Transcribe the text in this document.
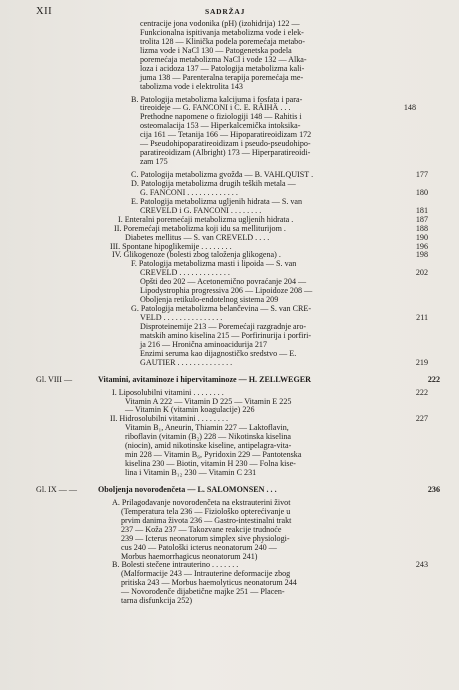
XII	SADRŽAJ
centracije jona vodonika (pH) (izohidrija) 122 —
Funkcionalna ispitivanja metabolizma vode i elek-
trolita 128 — Klinička podela poremećaja metabo-
lizma vode i NaCl 130 — Patogenetska podela
poremećaja metabolizma NaCl i vode 132 — Alka-
loza i acidoza 137 — Patologija metabolizma kali-
juma 138 — Parenteralna terapija poremećaja me-
tabolizma vode i elektrolita 143
B. Patologija metabolizma kalcijuma i fosfata i para-
tireoideje — G. FANCONI i C. E. RÄIHÄ . . .	148
Prethodne napomene o fiziologiji 148 — Rahitis i
osteomalacija 153 — Hiperkalcemička intoksika-
cija 161 — Tetanija 166 — Hipoparatireoidizam 172
— Pseudohipoparatireoidizam i pseudo-pseudohipo-
paratireoidizam (Albright) 173 — Hiperparatireoidi-
zam 175
C. Patologija metabolizma gvožđa — B. VAHLQUIST .	177
D. Patologija metabolizma drugih teških metala —
G. FANCONI . . . . . . . . . . . . .	180
E. Patologija metabolizma ugljenih hidrata — S. van
CREVELD i G. FANCONI . . . . . . . .	181
I. Enteralni poremećaji metabolizma ugljenih hidrata .	187
II. Poremećaji metabolizma koji idu sa melliturijom .	188
Diabetes mellitus — S. van CREVELD . . . .	190
III. Spontane hipoglikemije . . . . . . . .	196
IV. Glikogenoze (bolesti zbog taloženja glikogena) .	198
F. Patologija metabolizma masti i lipoida — S. van
CREVELD . . . . . . . . . . . . .	202
Opšti deo 202 — Acetonemično povraćanje 204 —
Lipodystrophia progressiva 206 — Lipoidoze 208 —
Oboljenja retikulo-endotelnog sistema 209
G. Patologija metabolizma belančevina — S. van CRE-
VELD . . . . . . . . . . . . . . .	211
Disproteinemije 213 — Poremećaji razgradnje aro-
matskih amino kiselina 215 — Porfirinurija i porfiri-
ja 216 — Hronična aminoacidurija 217
Enzimi seruma kao dijagnostičko sredstvo — E.
GAUTIER . . . . . . . . . . . . . .	219
Gl. VIII —	Vitamini, avitaminoze i hipervitaminoze — H. ZELLWEGER	222
I. Liposolubilni vitamini . . . . . . . .	222
Vitamin A 222 — Vitamin D 225 — Vitamin E 225
— Vitamin K (vitamin koagulacije) 226
II. Hidrosolubilni vitamini . . . . . . . .	227
Vitamin B₁, Aneurin, Thiamin 227 — Laktoflavin,
riboflavin (vitamin (B₂) 228 — Nikotinska kiselina
(niocin), amid nikotinske kiseline, antipelagra-vita-
min 228 — Vitamin B₆, Pyridoxin 229 — Pantotenska
kiselina 230 — Biotin, vitamin H 230 — Folna kise-
lina i Vitamin B₁₂ 230 — Vitamin C 231
Gl. IX — —	Oboljenja novorođenčeta — L. SALOMONSEN . . .	236
A. Prilagođavanje novorođenčeta na ekstrauterini život
(Temperatura tela 236 — Fiziološko opterećivanje u
prvim danima života 236 — Gastro-intestinalni trakt
237 — Koža 237 — Takozvane reakcije trudnoće
239 — Icterus neonatorum simplex sive physiologi-
cus 240 — Patološki icterus neonatorum 240 —
Morbus haemorrhagicus neonatorum 241)
B. Bolesti stečene intrauterino . . . . . . .	243
(Malformacije 243 — Intrauterine deformacije zbog
pritiska 243 — Morbus haemolyticus neonatorum 244
— Novorođenče dijabetične majke 251 — Placen-
tarna disfunkcija 252)
